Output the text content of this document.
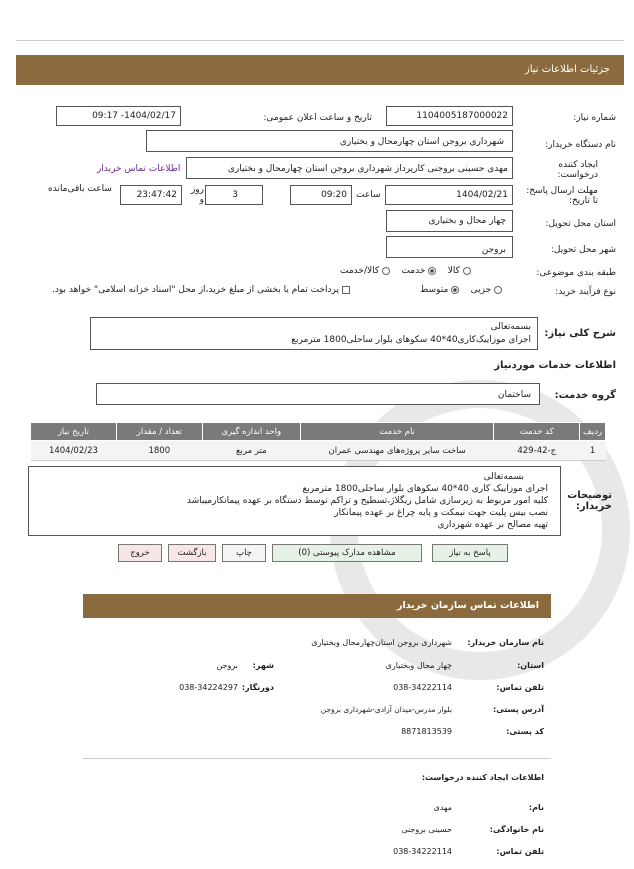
جزئیات اطلاعات نیاز
شماره نیاز:
1104005187000022
تاریخ و ساعت اعلان عمومی:
1404/02/17- 09:17
نام دستگاه خریدار:
شهرداری بروجن استان چهارمحال و بختیاری
ایجاد کننده درخواست:
مهدی حسینی بروجنی کارپرداز شهرداری بروجن استان چهارمحال و بختیاری
اطلاعات تماس خریدار
مهلت ارسال پاسخ: تا تاریخ:
1404/02/21
ساعت
09:20
3
روز و
23:47:42
ساعت باقی‌مانده
استان محل تحویل:
چهار محال و بختیاری
شهر محل تحویل:
بروجن
طبقه بندی موضوعی:
کالا     خدمت     کالا/خدمت
نوع فرآیند خرید:
جزیی     متوسط
پرداخت تمام یا بخشی از مبلغ خرید،از محل "اسناد خزانه اسلامی" خواهد بود.
شرح کلی نیاز:
بسمه‌تعالی
اجرای موزاییک‌کاری40*40 سکوهای بلوار ساحلی1800 مترمربع
اطلاعات خدمات موردنیاز
گروه خدمت:
ساختمان
ردیف	کد خدمت	نام خدمت	واحد اندازه گیری	تعداد / مقدار	تاریخ نیاز
1	ج-42-429	ساخت سایر پروژه‌های مهندسی عمران	متر مربع	1800	1404/02/23
توضیحات خریدار:
بسمه‌تعالی
اجرای موزاییک کاری 40*40 سکوهای بلوار ساحلی1800 مترمربع
کلیه امور مربوط به زیرسازی شامل ریگلاژ،تسطیح و تراکم توسط دستگاه بر عهده پیمانکارمیباشد
نصب بیس پلیت جهت نیمکت و پایه چراغ بر عهده پیمانکار
تهیه مصالح بر عهده شهرداری
پاسخ به نیاز
مشاهده مدارک پیوستی (0)
چاپ
بازگشت
خروج
اطلاعات تماس سازمان خریدار
نام سازمان خریدار:
شهرداری بروجن استان‌چهارمحال وبختیاری
استان:
چهار محال وبختیاری
شهر:
بروجن
تلفن تماس:
038-34222114
دورنگار:
038-34224297
آدرس پستی:
بلوار مدرس-میدان آزادی-شهرداری بروجن
کد پستی:
8871813539
اطلاعات ایجاد کننده درخواست:
نام:
مهدی
نام خانوادگی:
حسینی بروجنی
تلفن تماس:
038-34222114
